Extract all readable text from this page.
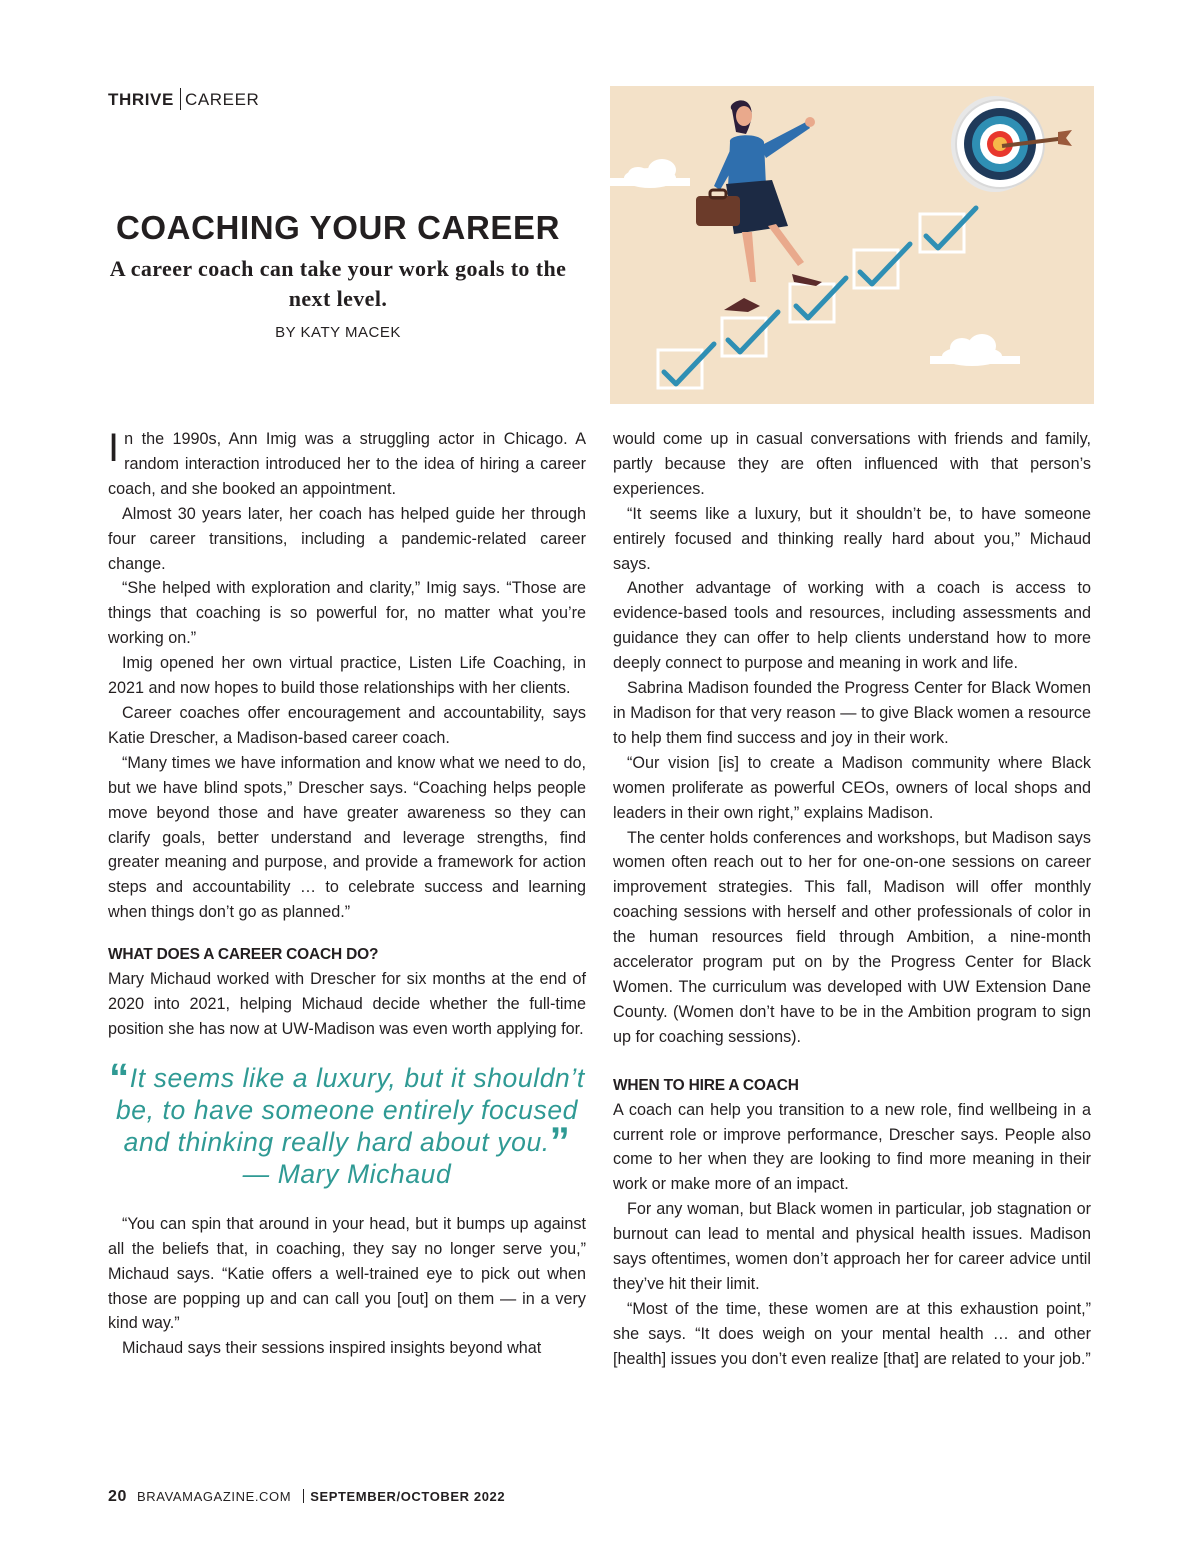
THRIVE CAREER
COACHING YOUR CAREER

A career coach can take your work goals to the next level.

BY KATY MACEK

In the 1990s, Ann Imig was a struggling actor in Chicago. A random interaction introduced her to the idea of hiring a career coach, and she booked an appointment.

Almost 30 years later, her coach has helped guide her through four career transitions, including a pandemic-related career change.

“She helped with exploration and clarity,” Imig says. “Those are things that coaching is so powerful for, no matter what you’re working on.”

Imig opened her own virtual practice, Listen Life Coaching, in 2021 and now hopes to build those relationships with her clients.

Career coaches offer encouragement and accountability, says Katie Drescher, a Madison-based career coach.

“Many times we have information and know what we need to do, but we have blind spots,” Drescher says. “Coaching helps people move beyond those and have greater awareness so they can clarify goals, better understand and leverage strengths, find greater meaning and purpose, and provide a framework for action steps and accountability … to celebrate success and learning when things don’t go as planned.”

WHAT DOES A CAREER COACH DO?

Mary Michaud worked with Drescher for six months at the end of 2020 into 2021, helping Michaud decide whether the full-time position she has now at UW-Madison was even worth applying for.

“It seems like a luxury, but it shouldn’t be, to have someone entirely focused and thinking really hard about you.”
— Mary Michaud

“You can spin that around in your head, but it bumps up against all the beliefs that, in coaching, they say no longer serve you,” Michaud says. “Katie offers a well-trained eye to pick out when those are popping up and can call you [out] on them — in a very kind way.”

Michaud says their sessions inspired insights beyond what

would come up in casual conversations with friends and family, partly because they are often influenced with that person’s experiences.

“It seems like a luxury, but it shouldn’t be, to have someone entirely focused and thinking really hard about you,” Michaud says.

Another advantage of working with a coach is access to evidence-based tools and resources, including assessments and guidance they can offer to help clients understand how to more deeply connect to purpose and meaning in work and life.

Sabrina Madison founded the Progress Center for Black Women in Madison for that very reason — to give Black women a resource to help them find success and joy in their work.

“Our vision [is] to create a Madison community where Black women proliferate as powerful CEOs, owners of local shops and leaders in their own right,” explains Madison.

The center holds conferences and workshops, but Madison says women often reach out to her for one-on-one sessions on career improvement strategies. This fall, Madison will offer monthly coaching sessions with herself and other professionals of color in the human resources field through Ambition, a nine-month accelerator program put on by the Progress Center for Black Women. The curriculum was developed with UW Extension Dane County. (Women don’t have to be in the Ambition program to sign up for coaching sessions).

WHEN TO HIRE A COACH

A coach can help you transition to a new role, find wellbeing in a current role or improve performance, Drescher says. People also come to her when they are looking to find more meaning in their work or make more of an impact.

For any woman, but Black women in particular, job stagnation or burnout can lead to mental and physical health issues. Madison says oftentimes, women don’t approach her for career advice until they’ve hit their limit.

“Most of the time, these women are at this exhaustion point,” she says. “It does weigh on your mental health … and other [health] issues you don’t even realize [that] are related to your job.”

20 BRAVAMAGAZINE.COM SEPTEMBER/OCTOBER 2022
